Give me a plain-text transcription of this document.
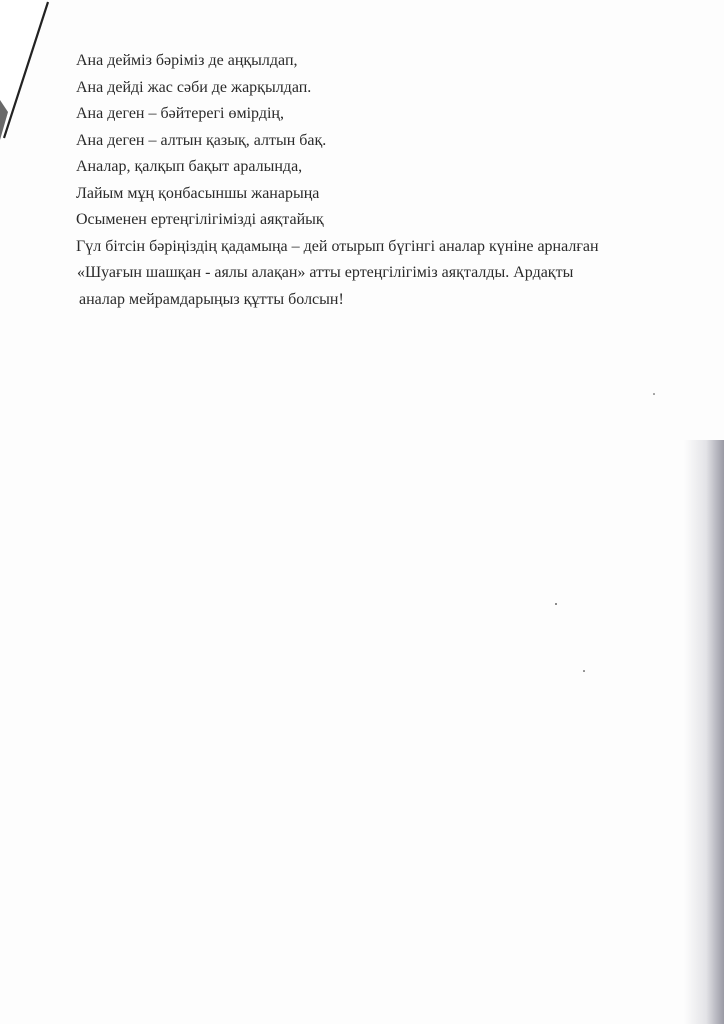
Ана дейміз бәріміз де аңқылдап,
Ана дейді жас сәби де жарқылдап.
Ана деген – бәйтерегі өмірдің,
Ана деген – алтын қазық, алтын бақ.
Аналар, қалқып бақыт аралында,
Лайым мұң қонбасыншы жанарыңа
Осыменен ертеңгілігімізді аяқтайық
Гүл бітсін бәріңіздің қадамыңа – дей отырып бүгінгі аналар күніне арналған
«Шуағын шашқан - аялы алақан» атты ертеңгілігіміз аяқталды. Ардақты
аналар мейрамдарыңыз құтты болсын!
